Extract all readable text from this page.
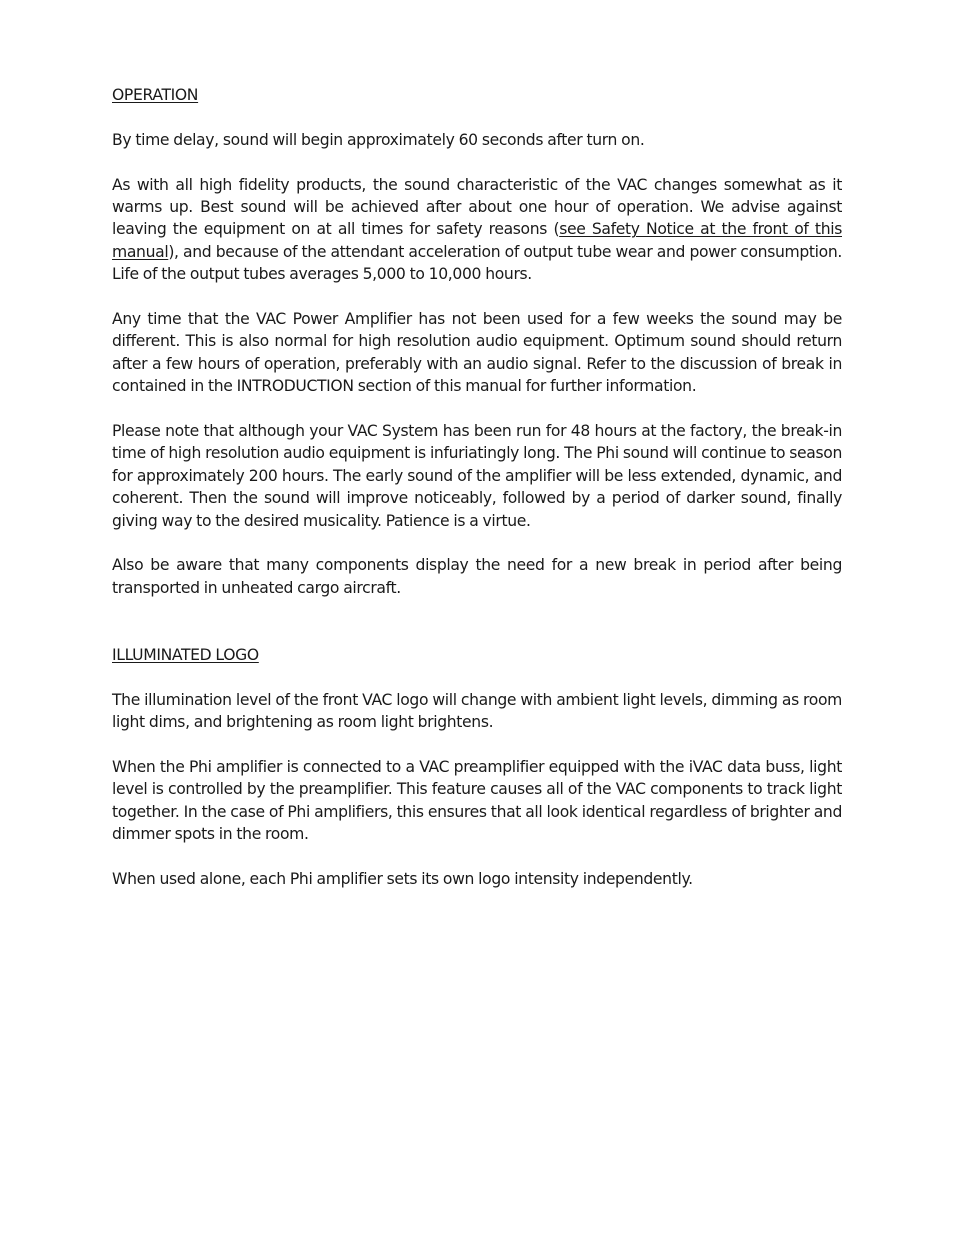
OPERATION

By time delay, sound will begin approximately 60 seconds after turn on.

As with all high fidelity products, the sound characteristic of the VAC changes somewhat as it warms up. Best sound will be achieved after about one hour of operation. We advise against leaving the equipment on at all times for safety reasons (see Safety Notice at the front of this manual), and because of the attendant acceleration of output tube wear and power consumption. Life of the output tubes averages 5,000 to 10,000 hours.

Any time that the VAC Power Amplifier has not been used for a few weeks the sound may be different. This is also normal for high resolution audio equipment. Optimum sound should return after a few hours of operation, preferably with an audio signal. Refer to the discussion of break in contained in the INTRODUCTION section of this manual for further information.

Please note that although your VAC System has been run for 48 hours at the factory, the break-in time of high resolution audio equipment is infuriatingly long. The Phi sound will continue to season for approximately 200 hours. The early sound of the amplifier will be less extended, dynamic, and coherent. Then the sound will improve noticeably, followed by a period of darker sound, finally giving way to the desired musicality. Patience is a virtue.

Also be aware that many components display the need for a new break in period after being transported in unheated cargo aircraft.

ILLUMINATED LOGO

The illumination level of the front VAC logo will change with ambient light levels, dimming as room light dims, and brightening as room light brightens.

When the Phi amplifier is connected to a VAC preamplifier equipped with the iVAC data buss, light level is controlled by the preamplifier. This feature causes all of the VAC components to track light together. In the case of Phi amplifiers, this ensures that all look identical regardless of brighter and dimmer spots in the room.

When used alone, each Phi amplifier sets its own logo intensity independently.
